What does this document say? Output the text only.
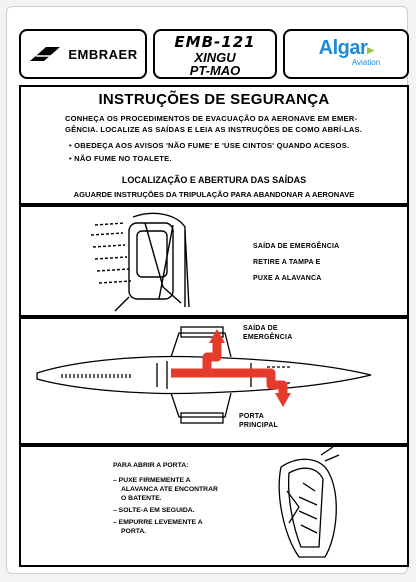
EMBRAER
EMB-121
XINGU
PT-MAO
Algar▸
Aviation
INSTRUÇÕES DE SEGURANÇA
CONHEÇA OS PROCEDIMENTOS DE EVACUAÇÃO DA AERONAVE EM EMER-
GÊNCIA. LOCALIZE AS SAÍDAS E LEIA AS INSTRUÇÕES DE COMO ABRÍ-LAS.
• OBEDEÇA AOS AVISOS 'NÃO FUME' E 'USE CINTOS' QUANDO ACESOS.
• NÃO FUME NO TOALETE.
LOCALIZAÇÃO E ABERTURA DAS SAÍDAS
AGUARDE INSTRUÇÕES DA TRIPULAÇÃO PARA ABANDONAR A AERONAVE
SAÍDA DE EMERGÊNCIA
RETIRE A TAMPA E
PUXE A ALAVANCA
SAÍDA DE
EMERGÊNCIA
PORTA
PRINCIPAL
PARA ABRIR A PORTA:
– PUXE FIRMEMENTE A ALAVANCA ATE ENCONTRAR O BATENTE.
– SOLTE-A EM SEGUIDA.
– EMPURRE LEVEMENTE A PORTA.
